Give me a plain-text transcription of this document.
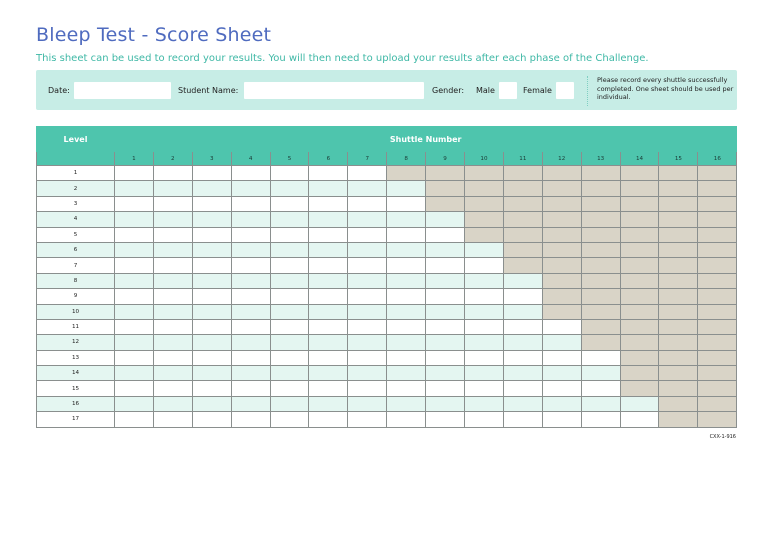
Bleep Test - Score Sheet
This sheet can be used to record your results. You will then need to upload your results after each phase of the Challenge.
Date:	Student Name:	Gender: Male	Female
Please record every shuttle successfully completed. One sheet should be used per individual.
Level	Shuttle Number															
	1	2	3	4	5	6	7	8	9	10	11	12	13	14	15	16
1																
2																
3																
4																
5																
6																
7																
8																
9																
10																
11																
12																
13																
14																
15																
16																
17																
CXX-1-916
